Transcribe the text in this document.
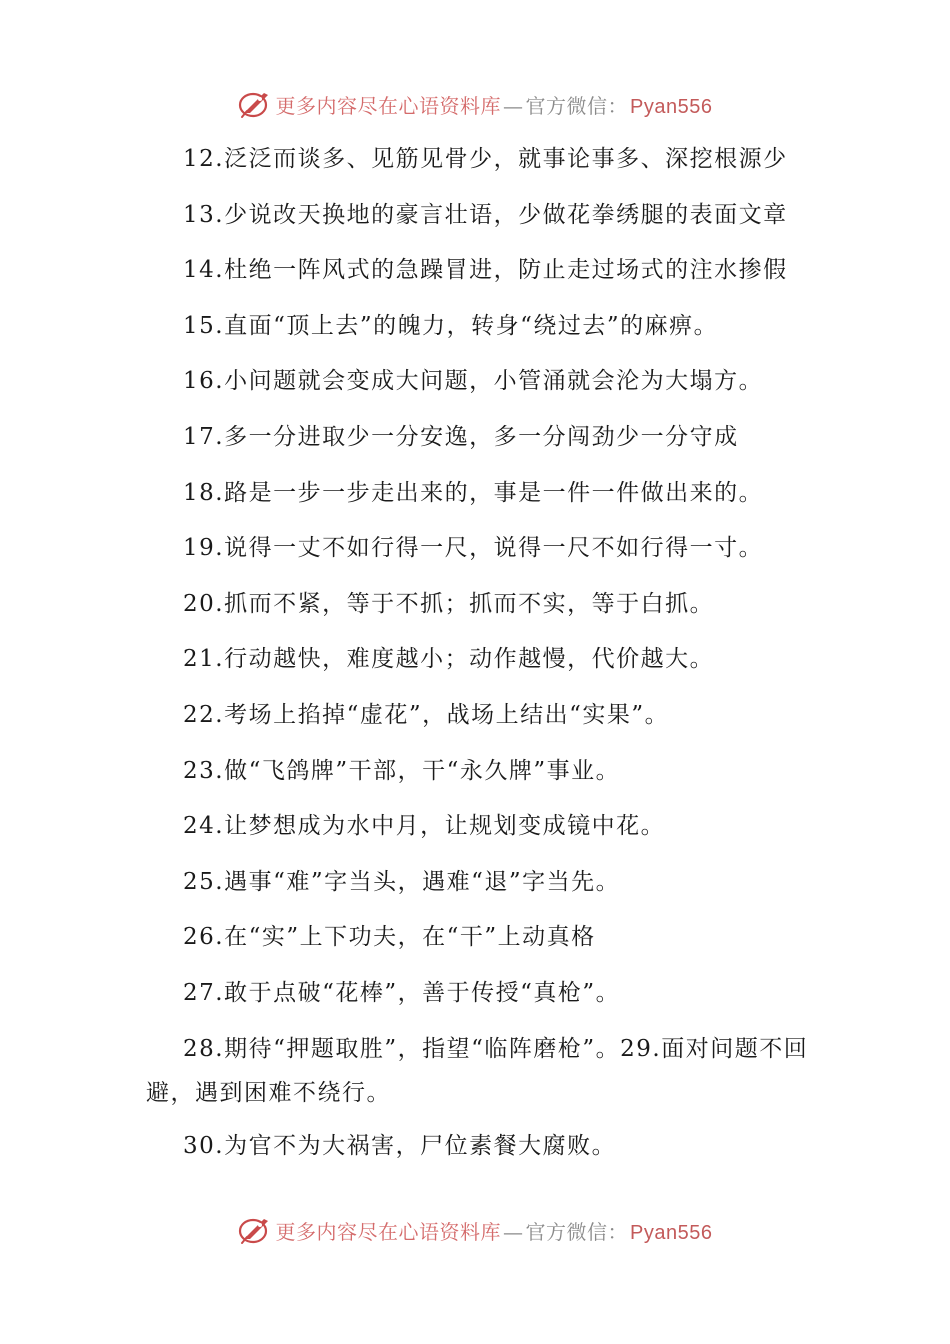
更多内容尽在心语资料库 — 官方微信： Pyan556
12.泛泛而谈多、见筋见骨少，就事论事多、深挖根源少
13.少说改天换地的豪言壮语，少做花拳绣腿的表面文章
14.杜绝一阵风式的急躁冒进，防止走过场式的注水掺假
15.直面“顶上去”的魄力，转身“绕过去”的麻痹。
16.小问题就会变成大问题，小管涌就会沦为大塌方。
17.多一分进取少一分安逸，多一分闯劲少一分守成
18.路是一步一步走出来的，事是一件一件做出来的。
19.说得一丈不如行得一尺，说得一尺不如行得一寸。
20.抓而不紧，等于不抓；抓而不实，等于白抓。
21.行动越快，难度越小；动作越慢，代价越大。
22.考场上掐掉“虚花”，战场上结出“实果”。
23.做“飞鸽牌”干部，干“永久牌”事业。
24.让梦想成为水中月，让规划变成镜中花。
25.遇事“难”字当头，遇难“退”字当先。
26.在“实”上下功夫，在“干”上动真格
27.敢于点破“花棒”，善于传授“真枪”。
28.期待“押题取胜”，指望“临阵磨枪”。29.面对问题不回避，遇到困难不绕行。
30.为官不为大祸害，尸位素餐大腐败。
更多内容尽在心语资料库 — 官方微信： Pyan556
